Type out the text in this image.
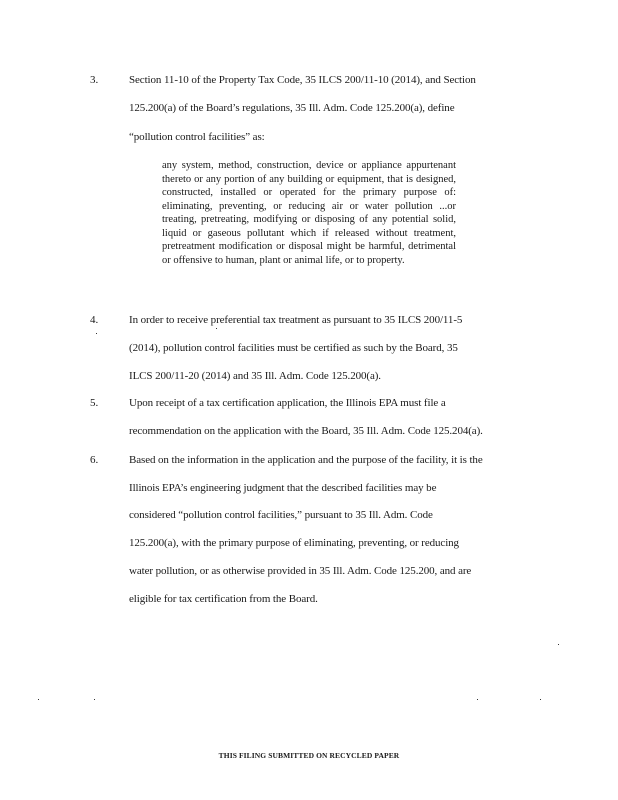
3.	Section 11-10 of the Property Tax Code, 35 ILCS 200/11-10 (2014), and Section
125.200(a) of the Board’s regulations, 35 Ill. Adm. Code 125.200(a), define
“pollution control facilities” as:
any system, method, construction, device or appliance appurtenant thereto or any portion of any building or equipment, that is designed, constructed, installed or operated for the primary purpose of: eliminating, preventing, or reducing air or water pollution ...or treating, pretreating, modifying or disposing of any potential solid, liquid or gaseous pollutant which if released without treatment, pretreatment modification or disposal might be harmful, detrimental or offensive to human, plant or animal life, or to property.
4.	In order to receive preferential tax treatment as pursuant to 35 ILCS 200/11-5
(2014), pollution control facilities must be certified as such by the Board, 35
ILCS 200/11-20 (2014) and 35 Ill. Adm. Code 125.200(a).
5.	Upon receipt of a tax certification application, the Illinois EPA must file a
recommendation on the application with the Board, 35 Ill. Adm. Code 125.204(a).
6.	Based on the information in the application and the purpose of the facility, it is the
Illinois EPA’s engineering judgment that the described facilities may be
considered “pollution control facilities,” pursuant to 35 Ill. Adm. Code
125.200(a), with the primary purpose of eliminating, preventing, or reducing
water pollution, or as otherwise provided in 35 Ill. Adm. Code 125.200, and are
eligible for tax certification from the Board.
THIS FILING SUBMITTED ON RECYCLED PAPER
